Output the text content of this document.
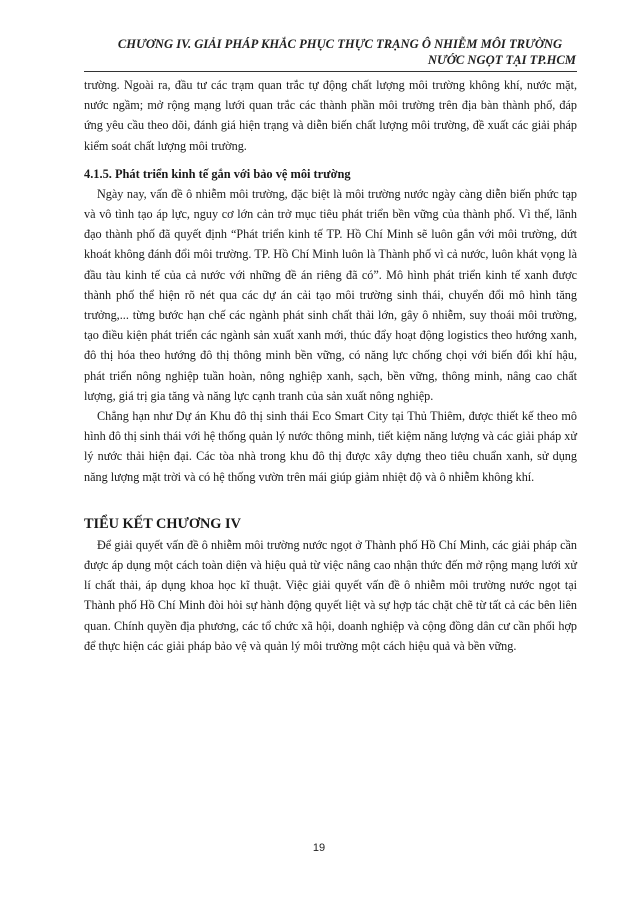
CHƯƠNG IV. GIẢI PHÁP KHẮC PHỤC THỰC TRẠNG Ô NHIỄM MÔI TRƯỜNG
NƯỚC NGỌT TẠI TP.HCM

trường. Ngoài ra, đầu tư các trạm quan trắc tự động chất lượng môi trường không khí, nước mặt, nước ngầm; mở rộng mạng lưới quan trắc các thành phần môi trường trên địa bàn thành phố, đáp ứng yêu cầu theo dõi, đánh giá hiện trạng và diễn biến chất lượng môi trường, đề xuất các giải pháp kiểm soát chất lượng môi trường.

4.1.5. Phát triển kinh tế gắn với bảo vệ môi trường

Ngày nay, vấn đề ô nhiễm môi trường, đặc biệt là môi trường nước ngày càng diễn biến phức tạp và vô tình tạo áp lực, nguy cơ lớn cản trở mục tiêu phát triển bền vững của thành phố. Vì thế, lãnh đạo thành phố đã quyết định “Phát triển kinh tế TP. Hồ Chí Minh sẽ luôn gắn với môi trường, dứt khoát không đánh đổi môi trường. TP. Hồ Chí Minh luôn là Thành phố vì cả nước, luôn khát vọng là đầu tàu kinh tế của cả nước với những đề án riêng đã có”. Mô hình phát triển kinh tế xanh được thành phố thể hiện rõ nét qua các dự án cải tạo môi trường sinh thái, chuyển đổi mô hình tăng trưởng,... từng bước hạn chế các ngành phát sinh chất thải lớn, gây ô nhiễm, suy thoái môi trường, tạo điều kiện phát triển các ngành sản xuất xanh mới, thúc đẩy hoạt động logistics theo hướng xanh, đô thị hóa theo hướng đô thị thông minh bền vững, có năng lực chống chọi với biến đổi khí hậu, phát triển nông nghiệp tuần hoàn, nông nghiệp xanh, sạch, bền vững, thông minh, nâng cao chất lượng, giá trị gia tăng và năng lực cạnh tranh của sản xuất nông nghiệp.

Chẳng hạn như Dự án Khu đô thị sinh thái Eco Smart City tại Thủ Thiêm, được thiết kế theo mô hình đô thị sinh thái với hệ thống quản lý nước thông minh, tiết kiệm năng lượng và các giải pháp xử lý nước thải hiện đại. Các tòa nhà trong khu đô thị được xây dựng theo tiêu chuẩn xanh, sử dụng năng lượng mặt trời và có hệ thống vườn trên mái giúp giảm nhiệt độ và ô nhiễm không khí.

TIỂU KẾT CHƯƠNG IV

Để giải quyết vấn đề ô nhiễm môi trường nước ngọt ở Thành phố Hồ Chí Minh, các giải pháp cần được áp dụng một cách toàn diện và hiệu quả từ việc nâng cao nhận thức đến mở rộng mạng lưới xử lí chất thải, áp dụng khoa học kĩ thuật. Việc giải quyết vấn đề ô nhiễm môi trường nước ngọt tại Thành phố Hồ Chí Minh đòi hỏi sự hành động quyết liệt và sự hợp tác chặt chẽ từ tất cả các bên liên quan. Chính quyền địa phương, các tổ chức xã hội, doanh nghiệp và cộng đồng dân cư cần phối hợp để thực hiện các giải pháp bảo vệ và quản lý môi trường một cách hiệu quả và bền vững.

19
